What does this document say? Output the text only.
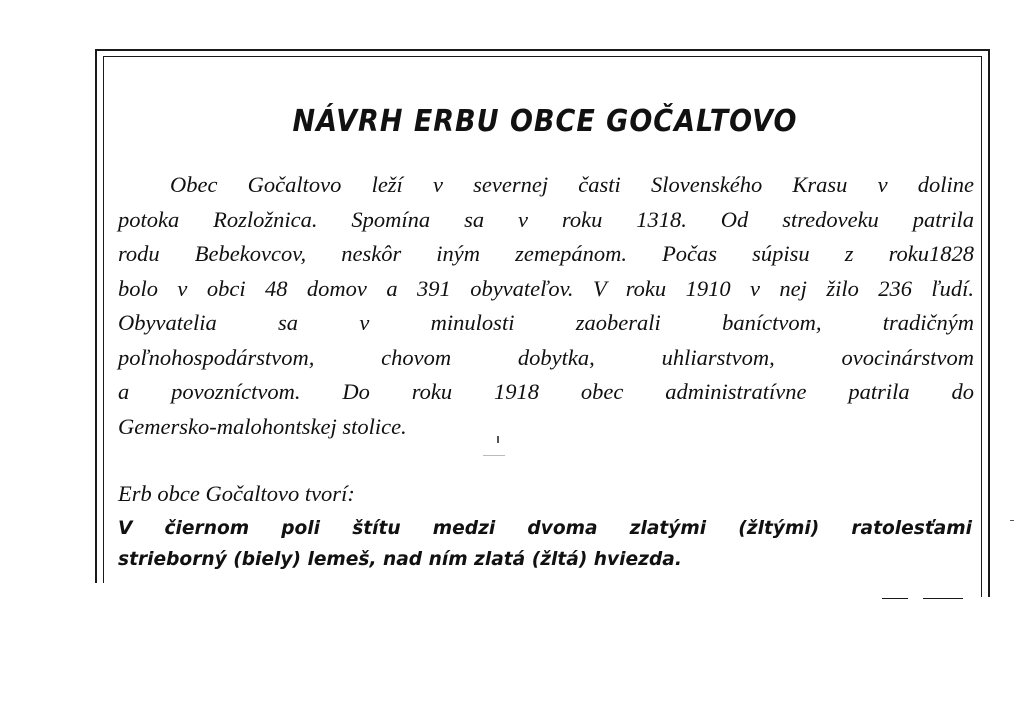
NÁVRH ERBU OBCE GOČALTOVO
Obec Gočaltovo leží v severnej časti Slovenského Krasu v doline
potoka Rozložnica. Spomína sa v roku 1318. Od stredoveku patrila
rodu Bebekovcov, neskôr iným zemepánom. Počas súpisu z roku1828
bolo v obci 48 domov a 391 obyvateľov. V roku 1910 v nej žilo 236 ľudí.
Obyvatelia sa v minulosti zaoberali baníctvom, tradičným
poľnohospodárstvom, chovom dobytka, uhliarstvom, ovocinárstvom
a povozníctvom. Do roku 1918 obec administratívne patrila do
Gemersko-malohontskej stolice.
Erb obce Gočaltovo tvorí:
V čiernom poli štítu medzi dvoma zlatými (žltými) ratolesťami
strieborný (biely) lemeš, nad ním zlatá (žltá) hviezda.
